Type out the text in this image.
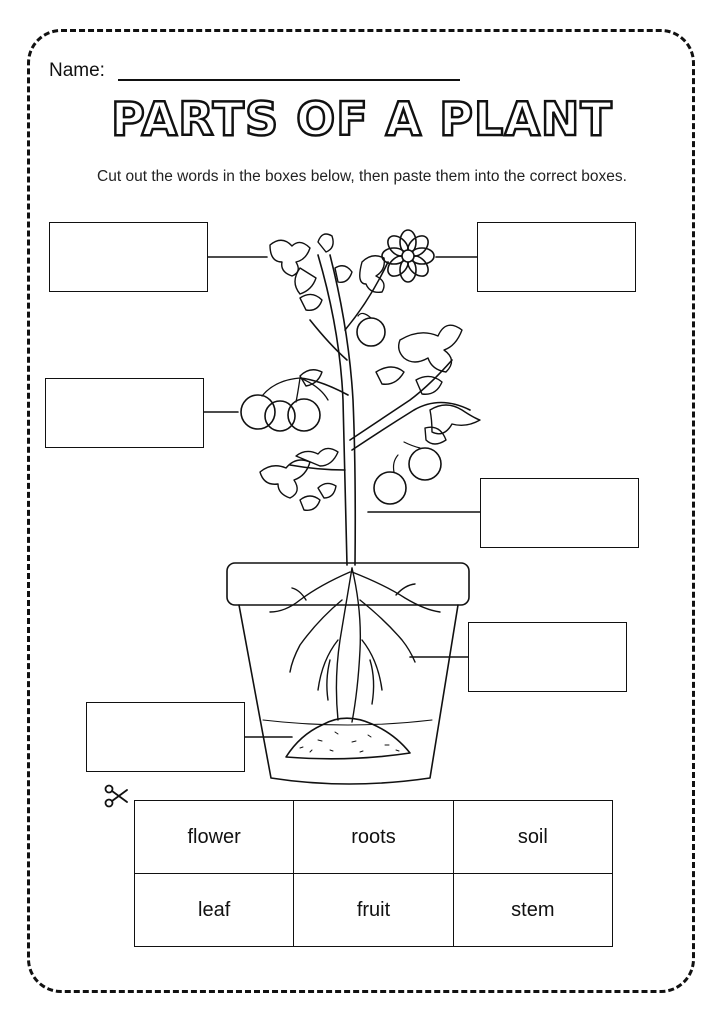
Name:
PARTS OF A PLANT
Cut out the words in the boxes below, then paste them into the correct boxes.
flower	roots	soil
leaf	fruit	stem
